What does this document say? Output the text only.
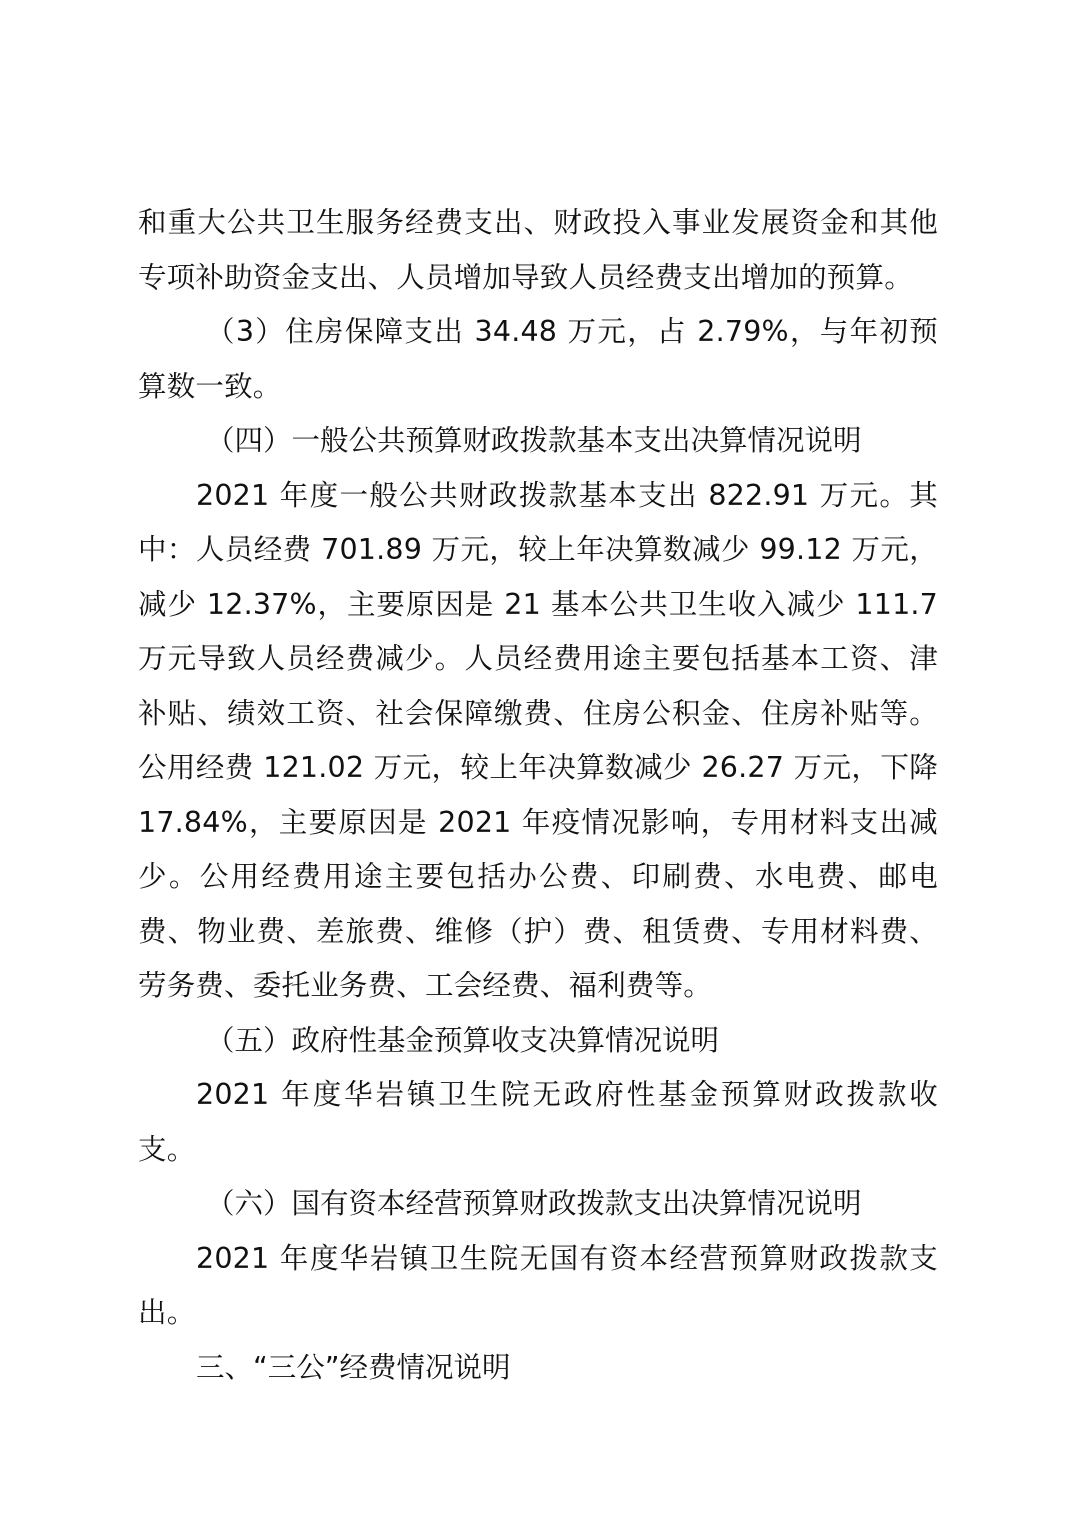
和重大公共卫生服务经费支出、财政投入事业发展资金和其他专项补助资金支出、人员增加导致人员经费支出增加的预算。

（3）住房保障支出 34.48 万元，占 2.79%，与年初预算数一致。

（四）一般公共预算财政拨款基本支出决算情况说明

2021 年度一般公共财政拨款基本支出 822.91 万元。其中：人员经费 701.89 万元，较上年决算数减少 99.12 万元，减少 12.37%，主要原因是 21 基本公共卫生收入减少 111.7 万元导致人员经费减少。人员经费用途主要包括基本工资、津补贴、绩效工资、社会保障缴费、住房公积金、住房补贴等。公用经费 121.02 万元，较上年决算数减少 26.27 万元，下降17.84%，主要原因是 2021 年疫情况影响，专用材料支出减少。公用经费用途主要包括办公费、印刷费、水电费、邮电费、物业费、差旅费、维修（护）费、租赁费、专用材料费、劳务费、委托业务费、工会经费、福利费等。

（五）政府性基金预算收支决算情况说明

2021 年度华岩镇卫生院无政府性基金预算财政拨款收支。

（六）国有资本经营预算财政拨款支出决算情况说明

2021 年度华岩镇卫生院无国有资本经营预算财政拨款支出。

三、“三公”经费情况说明
